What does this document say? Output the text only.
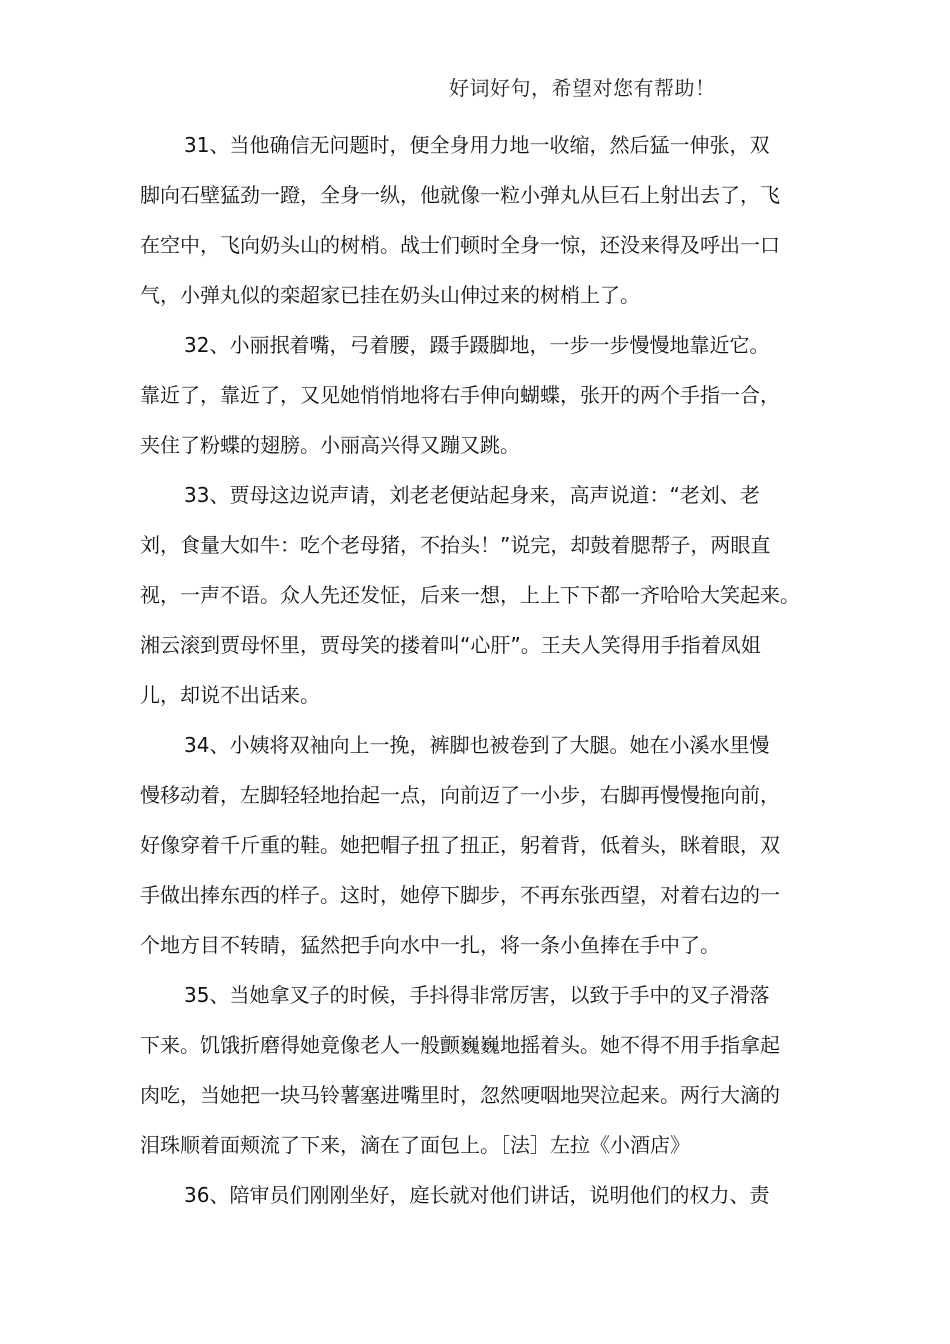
好词好句，希望对您有帮助！
31、当他确信无问题时，便全身用力地一收缩，然后猛一伸张，双
脚向石壁猛劲一蹬，全身一纵，他就像一粒小弹丸从巨石上射出去了，飞
在空中，飞向奶头山的树梢。战士们顿时全身一惊，还没来得及呼出一口
气，小弹丸似的栾超家已挂在奶头山伸过来的树梢上了。
32、小丽抿着嘴，弓着腰，蹑手蹑脚地，一步一步慢慢地靠近它。
靠近了，靠近了，又见她悄悄地将右手伸向蝴蝶，张开的两个手指一合，
夹住了粉蝶的翅膀。小丽高兴得又蹦又跳。
33、贾母这边说声请，刘老老便站起身来，高声说道：“老刘、老
刘，食量大如牛：吃个老母猪，不抬头！”说完，却鼓着腮帮子，两眼直
视，一声不语。众人先还发怔，后来一想，上上下下都一齐哈哈大笑起来。
湘云滚到贾母怀里，贾母笑的搂着叫“心肝”。王夫人笑得用手指着凤姐
儿，却说不出话来。
34、小姨将双袖向上一挽，裤脚也被卷到了大腿。她在小溪水里慢
慢移动着，左脚轻轻地抬起一点，向前迈了一小步，右脚再慢慢拖向前，
好像穿着千斤重的鞋。她把帽子扭了扭正，躬着背，低着头，眯着眼，双
手做出捧东西的样子。这时，她停下脚步，不再东张西望，对着右边的一
个地方目不转睛，猛然把手向水中一扎，将一条小鱼捧在手中了。
35、当她拿叉子的时候，手抖得非常厉害，以致于手中的叉子滑落
下来。饥饿折磨得她竟像老人一般颤巍巍地摇着头。她不得不用手指拿起
肉吃，当她把一块马铃薯塞进嘴里时，忽然哽咽地哭泣起来。两行大滴的
泪珠顺着面颊流了下来，滴在了面包上。［法］左拉《小酒店》
36、陪审员们刚刚坐好，庭长就对他们讲话，说明他们的权力、责
